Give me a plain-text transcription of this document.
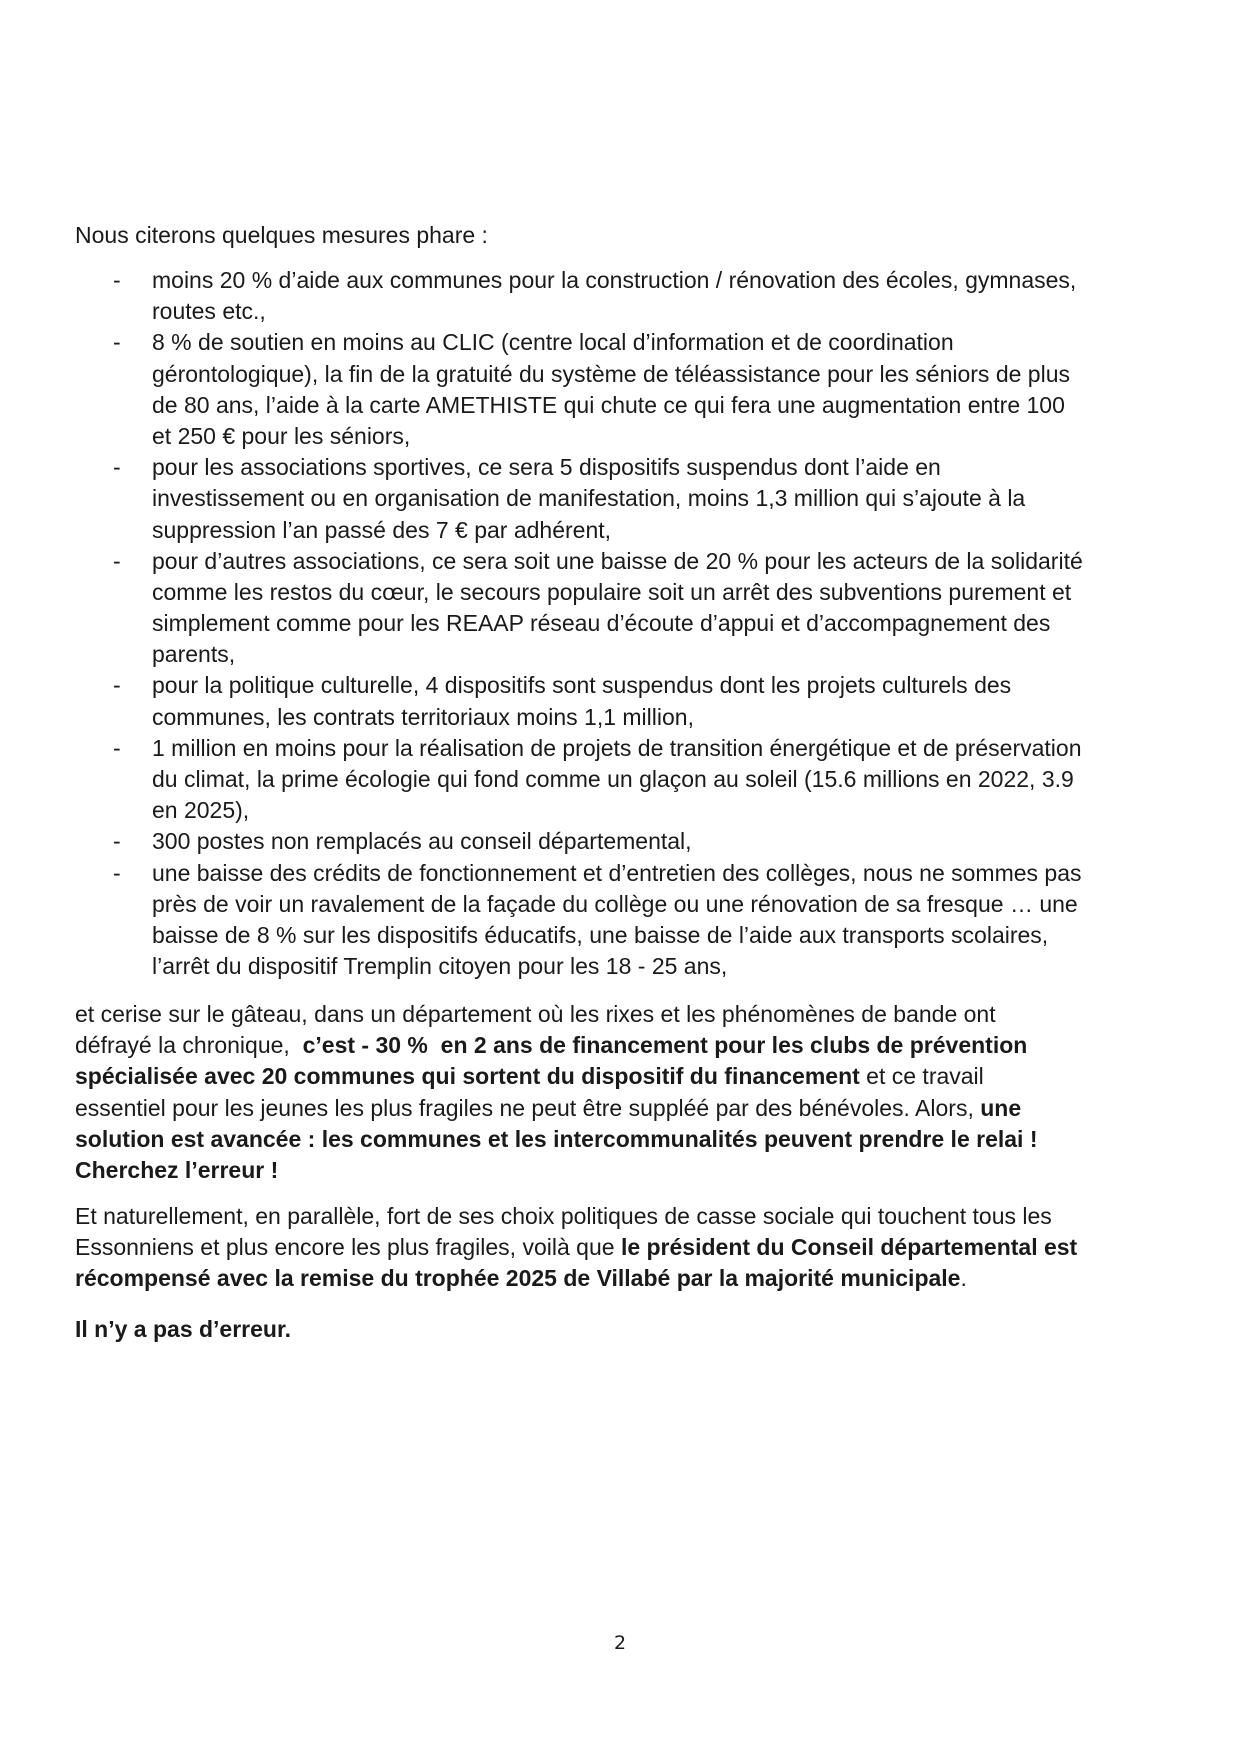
Nous citerons quelques mesures phare :
- moins 20 % d’aide aux communes pour la construction / rénovation des écoles, gymnases,
routes etc.,
- 8 % de soutien en moins au CLIC (centre local d’information et de coordination
gérontologique), la fin de la gratuité du système de téléassistance pour les séniors de plus
de 80 ans, l’aide à la carte AMETHISTE qui chute ce qui fera une augmentation entre 100
et 250 € pour les séniors,
- pour les associations sportives, ce sera 5 dispositifs suspendus dont l’aide en
investissement ou en organisation de manifestation, moins 1,3 million qui s’ajoute à la
suppression l’an passé des 7 € par adhérent,
- pour d’autres associations, ce sera soit une baisse de 20 % pour les acteurs de la solidarité
comme les restos du cœur, le secours populaire soit un arrêt des subventions purement et
simplement comme pour les REAAP réseau d’écoute d’appui et d’accompagnement des
parents,
- pour la politique culturelle, 4 dispositifs sont suspendus dont les projets culturels des
communes, les contrats territoriaux moins 1,1 million,
- 1 million en moins pour la réalisation de projets de transition énergétique et de préservation
du climat, la prime écologie qui fond comme un glaçon au soleil (15.6 millions en 2022, 3.9
en 2025),
- 300 postes non remplacés au conseil départemental,
- une baisse des crédits de fonctionnement et d’entretien des collèges, nous ne sommes pas
près de voir un ravalement de la façade du collège ou une rénovation de sa fresque … une
baisse de 8 % sur les dispositifs éducatifs, une baisse de l’aide aux transports scolaires,
l’arrêt du dispositif Tremplin citoyen pour les 18 - 25 ans,
et cerise sur le gâteau, dans un département où les rixes et les phénomènes de bande ont
défrayé la chronique,  c’est - 30 %  en 2 ans de financement pour les clubs de prévention
spécialisée avec 20 communes qui sortent du dispositif du financement et ce travail
essentiel pour les jeunes les plus fragiles ne peut être suppléé par des bénévoles. Alors, une
solution est avancée : les communes et les intercommunalités peuvent prendre le relai !
Cherchez l’erreur !
Et naturellement, en parallèle, fort de ses choix politiques de casse sociale qui touchent tous les
Essonniens et plus encore les plus fragiles, voilà que le président du Conseil départemental est
récompensé avec la remise du trophée 2025 de Villabé par la majorité municipale.
Il n’y a pas d’erreur.
2
